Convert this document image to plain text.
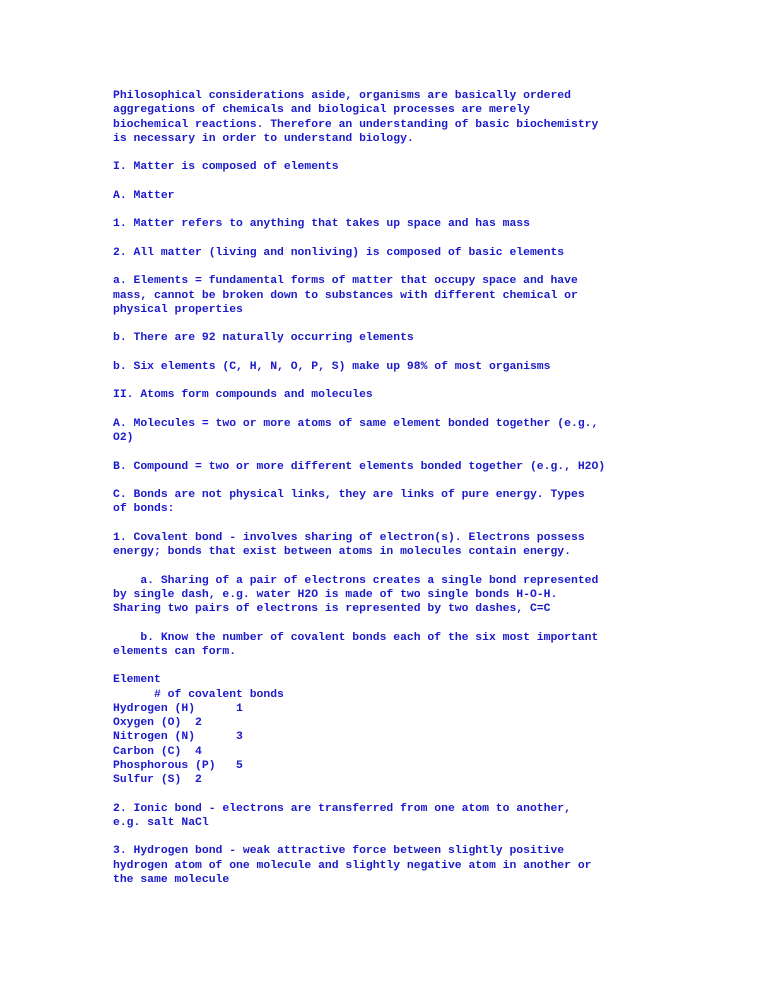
Philosophical considerations aside, organisms are basically ordered
aggregations of chemicals and biological processes are merely
biochemical reactions. Therefore an understanding of basic biochemistry
is necessary in order to understand biology.

I. Matter is composed of elements

A. Matter

1. Matter refers to anything that takes up space and has mass

2. All matter (living and nonliving) is composed of basic elements

a. Elements = fundamental forms of matter that occupy space and have
mass, cannot be broken down to substances with different chemical or
physical properties

b. There are 92 naturally occurring elements

b. Six elements (C, H, N, O, P, S) make up 98% of most organisms

II. Atoms form compounds and molecules

A. Molecules = two or more atoms of same element bonded together (e.g.,
O2)

B. Compound = two or more different elements bonded together (e.g., H2O)

C. Bonds are not physical links, they are links of pure energy. Types
of bonds:

1. Covalent bond - involves sharing of electron(s). Electrons possess
energy; bonds that exist between atoms in molecules contain energy.

a. Sharing of a pair of electrons creates a single bond represented
by single dash, e.g. water H2O is made of two single bonds H-O-H.
Sharing two pairs of electrons is represented by two dashes, C=C

b. Know the number of covalent bonds each of the six most important
elements can form.

Element
# of covalent bonds
Hydrogen (H)      1
Oxygen (O)  2
Nitrogen (N)      3
Carbon (C)  4
Phosphorous (P)   5
Sulfur (S)  2

2. Ionic bond - electrons are transferred from one atom to another,
e.g. salt NaCl

3. Hydrogen bond - weak attractive force between slightly positive
hydrogen atom of one molecule and slightly negative atom in another or
the same molecule
